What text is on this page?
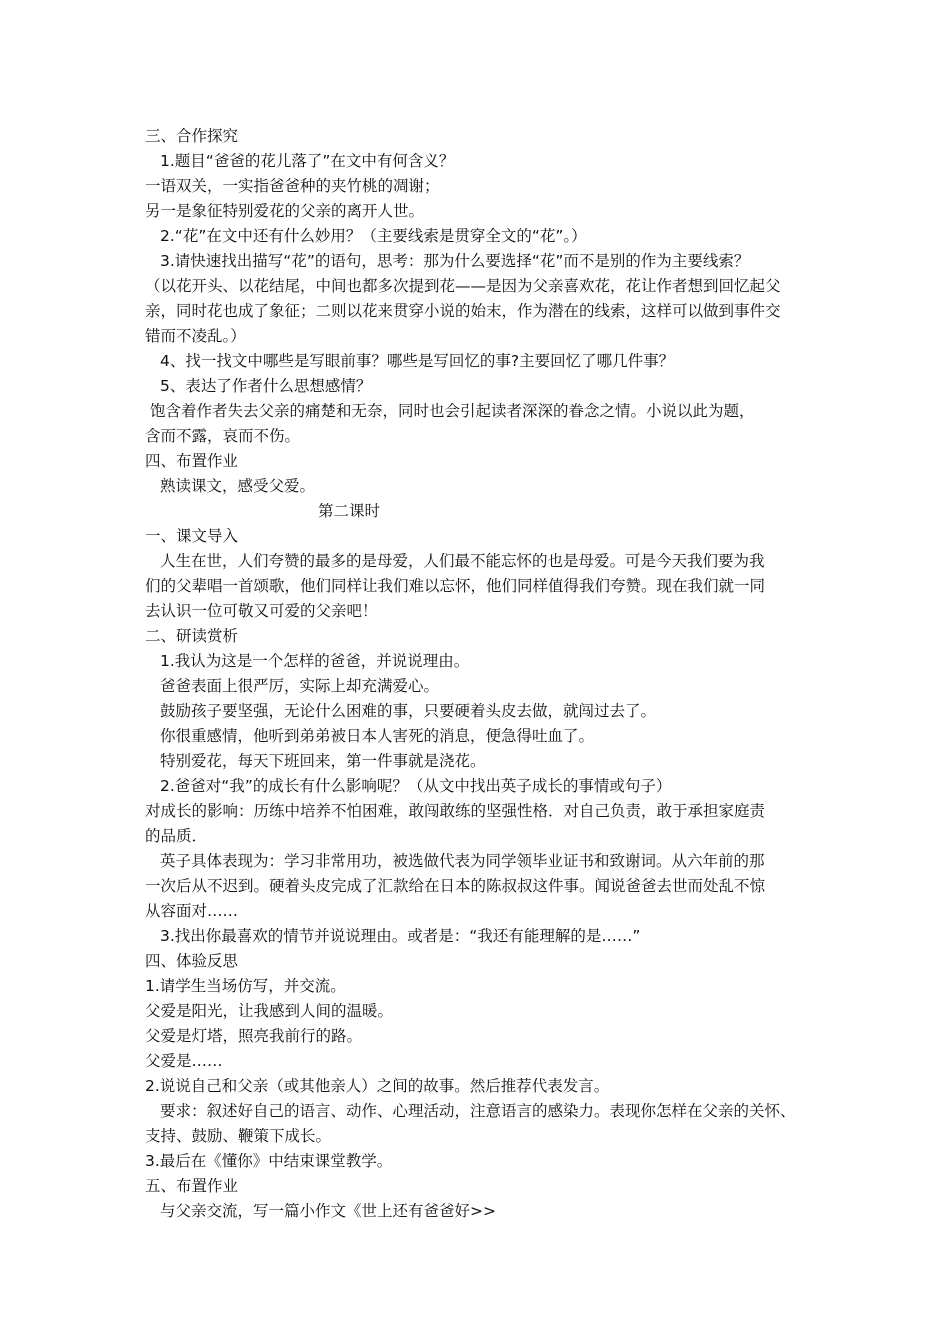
三、合作探究
1.题目“爸爸的花儿落了”在文中有何含义？
一语双关，一实指爸爸种的夹竹桃的凋谢；
另一是象征特别爱花的父亲的离开人世。
2.“花”在文中还有什么妙用？（主要线索是贯穿全文的“花”。）
3.请快速找出描写“花”的语句，思考：那为什么要选择“花”而不是别的作为主要线索？
（以花开头、以花结尾，中间也都多次提到花——是因为父亲喜欢花，花让作者想到回忆起父
亲，同时花也成了象征；二则以花来贯穿小说的始末，作为潜在的线索，这样可以做到事件交
错而不凌乱。）
4、找一找文中哪些是写眼前事？哪些是写回忆的事?主要回忆了哪几件事？
5、表达了作者什么思想感情？
饱含着作者失去父亲的痛楚和无奈，同时也会引起读者深深的眷念之情。小说以此为题，
含而不露，哀而不伤。
四、布置作业
熟读课文，感受父爱。
第二课时
一、课文导入
人生在世，人们夸赞的最多的是母爱，人们最不能忘怀的也是母爱。可是今天我们要为我
们的父辈唱一首颂歌，他们同样让我们难以忘怀，他们同样值得我们夸赞。现在我们就一同
去认识一位可敬又可爱的父亲吧！
二、研读赏析
1.我认为这是一个怎样的爸爸，并说说理由。
爸爸表面上很严厉，实际上却充满爱心。
鼓励孩子要坚强，无论什么困难的事，只要硬着头皮去做，就闯过去了。
你很重感情，他听到弟弟被日本人害死的消息，便急得吐血了。
特别爱花，每天下班回来，第一件事就是浇花。
2.爸爸对“我”的成长有什么影响呢？（从文中找出英子成长的事情或句子）
对成长的影响：历练中培养不怕困难，敢闯敢练的坚强性格．对自己负责，敢于承担家庭责
的品质．
英子具体表现为：学习非常用功，被选做代表为同学领毕业证书和致谢词。从六年前的那
一次后从不迟到。硬着头皮完成了汇款给在日本的陈叔叔这件事。闻说爸爸去世而处乱不惊
从容面对……
3.找出你最喜欢的情节并说说理由。或者是：“我还有能理解的是……”
四、体验反思
1.请学生当场仿写，并交流。
父爱是阳光，让我感到人间的温暖。
父爱是灯塔，照亮我前行的路。
父爱是……
2.说说自己和父亲（或其他亲人）之间的故事。然后推荐代表发言。
要求：叙述好自己的语言、动作、心理活动，注意语言的感染力。表现你怎样在父亲的关怀、
支持、鼓励、鞭策下成长。
3.最后在《懂你》中结束课堂教学。
五、布置作业
与父亲交流，写一篇小作文《世上还有爸爸好>>
